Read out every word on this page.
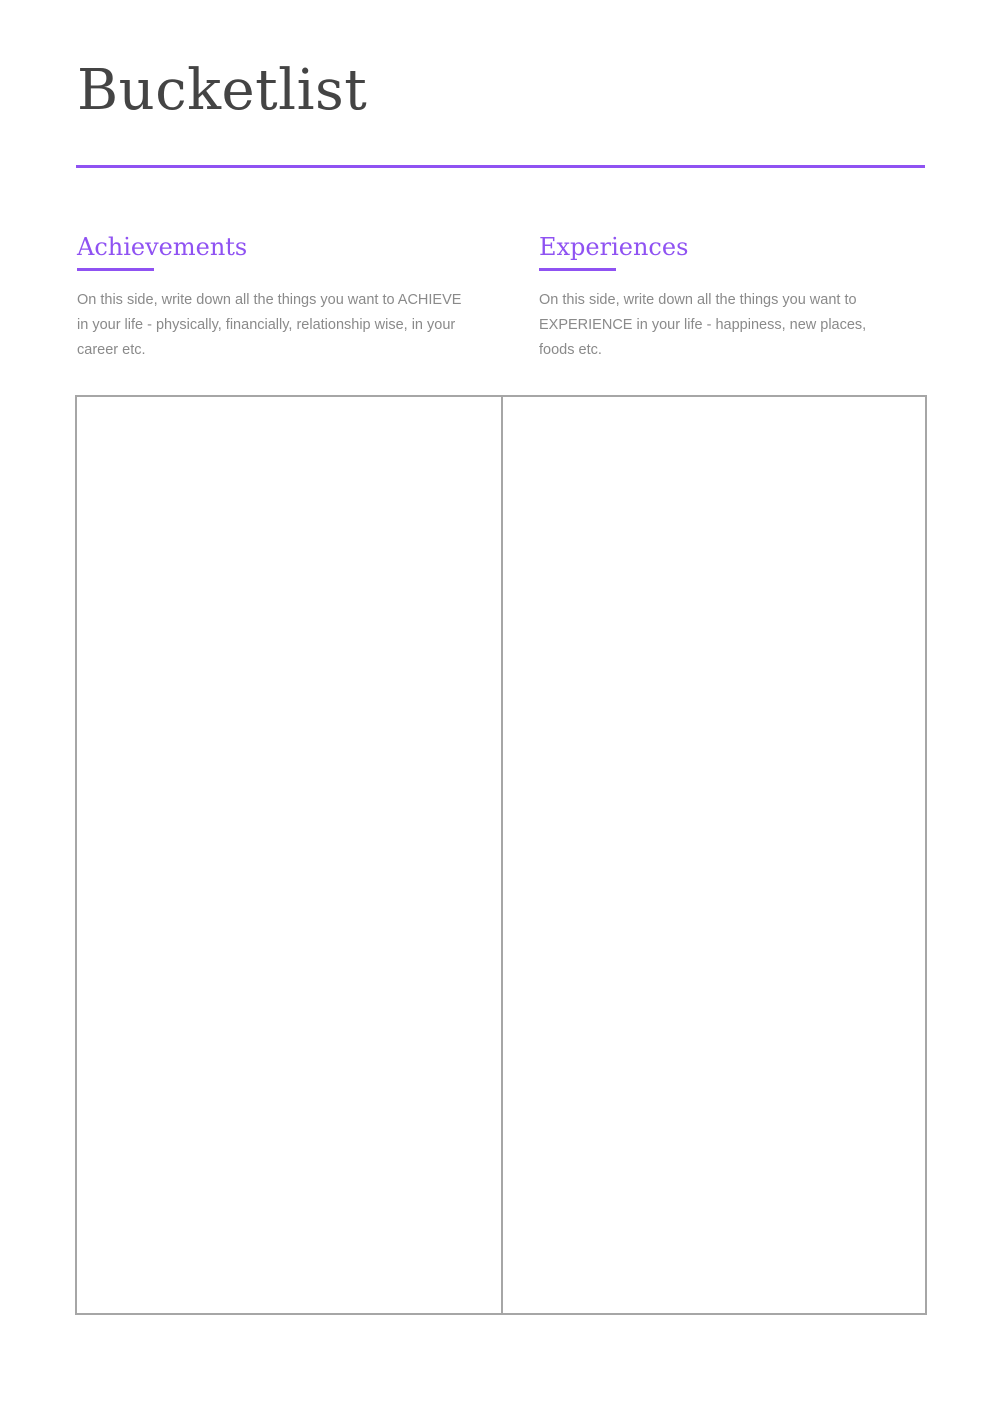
Bucketlist
Achievements

On this side, write down all the things you want to ACHIEVE in your life - physically, financially, relationship wise, in your career etc.

Experiences

On this side, write down all the things you want to EXPERIENCE in your life - happiness, new places, foods etc.
